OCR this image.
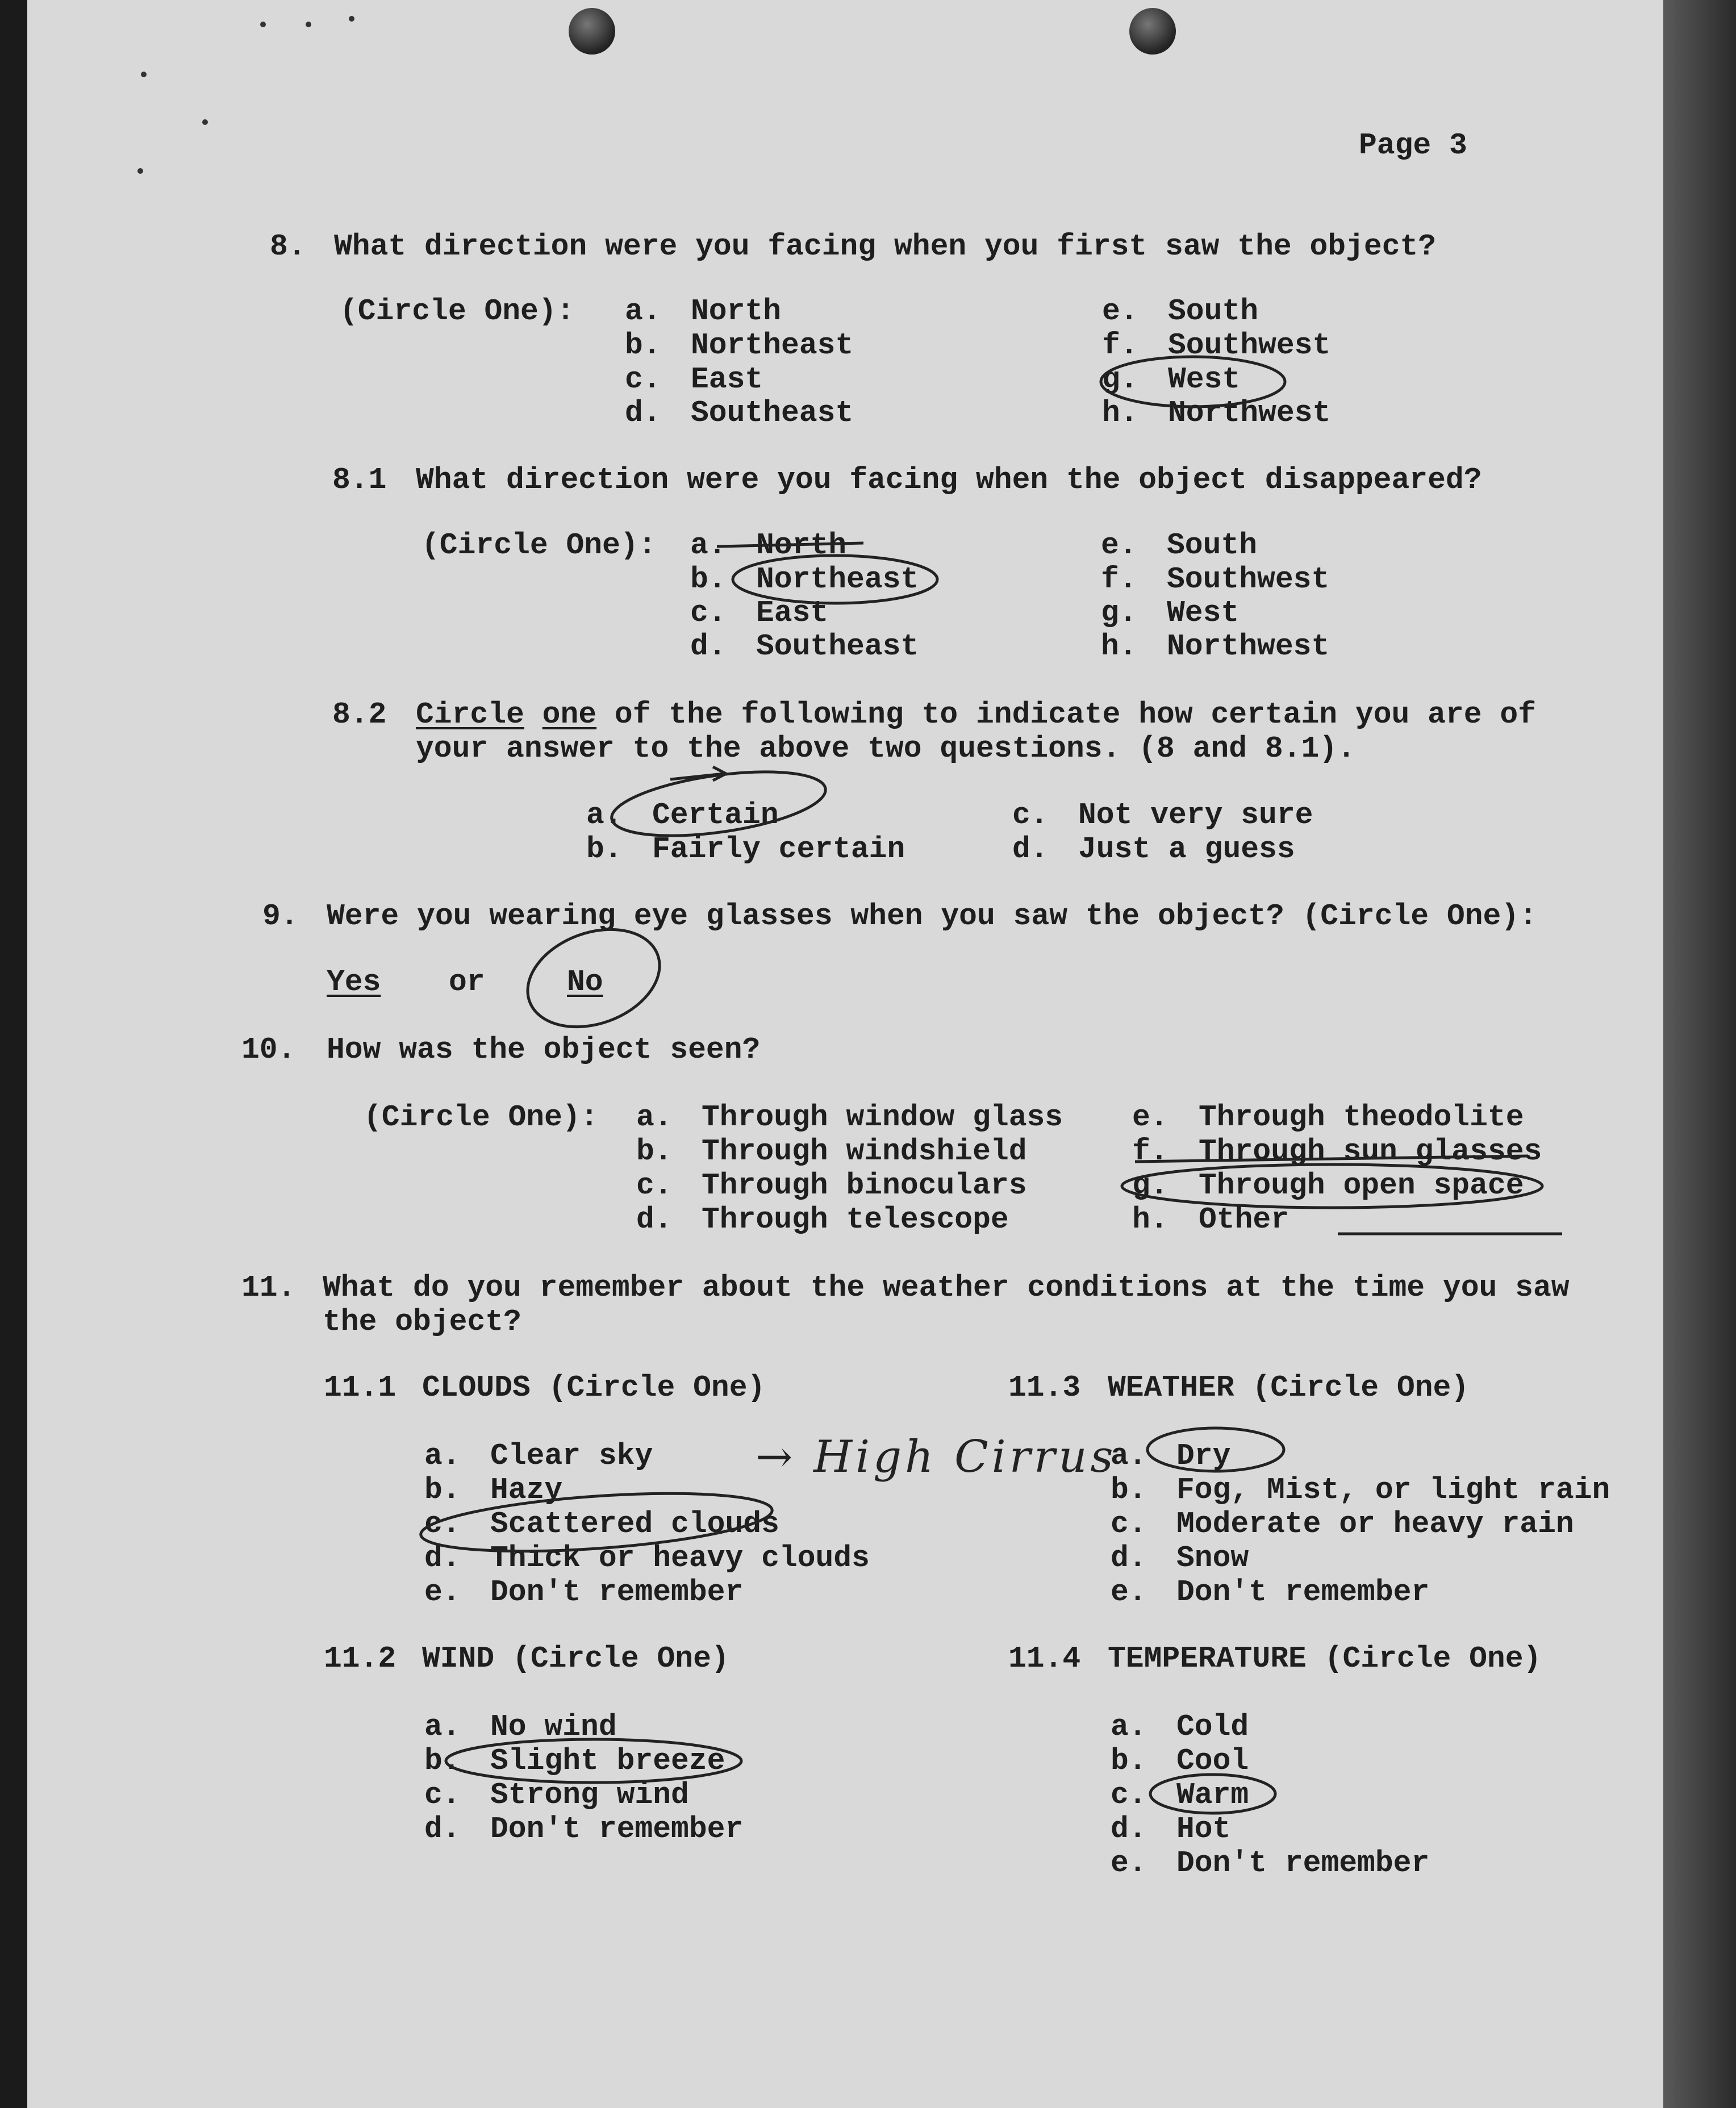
Page 3
8. What direction were you facing when you first saw the object?
(Circle One): a. North
b. Northeast
c. East
d. Southeast
e. South
f. Southwest
g. West
h. Northwest
8.1 What direction were you facing when the object disappeared?
(Circle One): a. North
b. Northeast
c. East
d. Southeast
e. South
f. Southwest
g. West
h. Northwest
8.2 Circle one of the following to indicate how certain you are of
your answer to the above two questions. (8 and 8.1).
a. Certain
b. Fairly certain
c. Not very sure
d. Just a guess
9. Were you wearing eye glasses when you saw the object? (Circle One):
Yes or	No
10. How was the object seen?
(Circle One): a. Through window glass
b. Through windshield
c. Through binoculars
d. Through telescope
e. Through theodolite
f. Through sun glasses
g. Through open space
h. Other
11. What do you remember about the weather conditions at the time you saw
the object?
11.1 CLOUDS (Circle One)
a. Clear sky
b. Hazy
c. Scattered clouds
d. Thick or heavy clouds
e. Don't remember
→ High Cirrus
11.3 WEATHER (Circle One)
a. Dry
b. Fog, Mist, or light rain
c. Moderate or heavy rain
d. Snow
e. Don't remember
11.2 WIND (Circle One)
a. No wind
b. Slight breeze
c. Strong wind
d. Don't remember
11.4 TEMPERATURE (Circle One)
a. Cold
b. Cool
c. Warm
d. Hot
e. Don't remember
